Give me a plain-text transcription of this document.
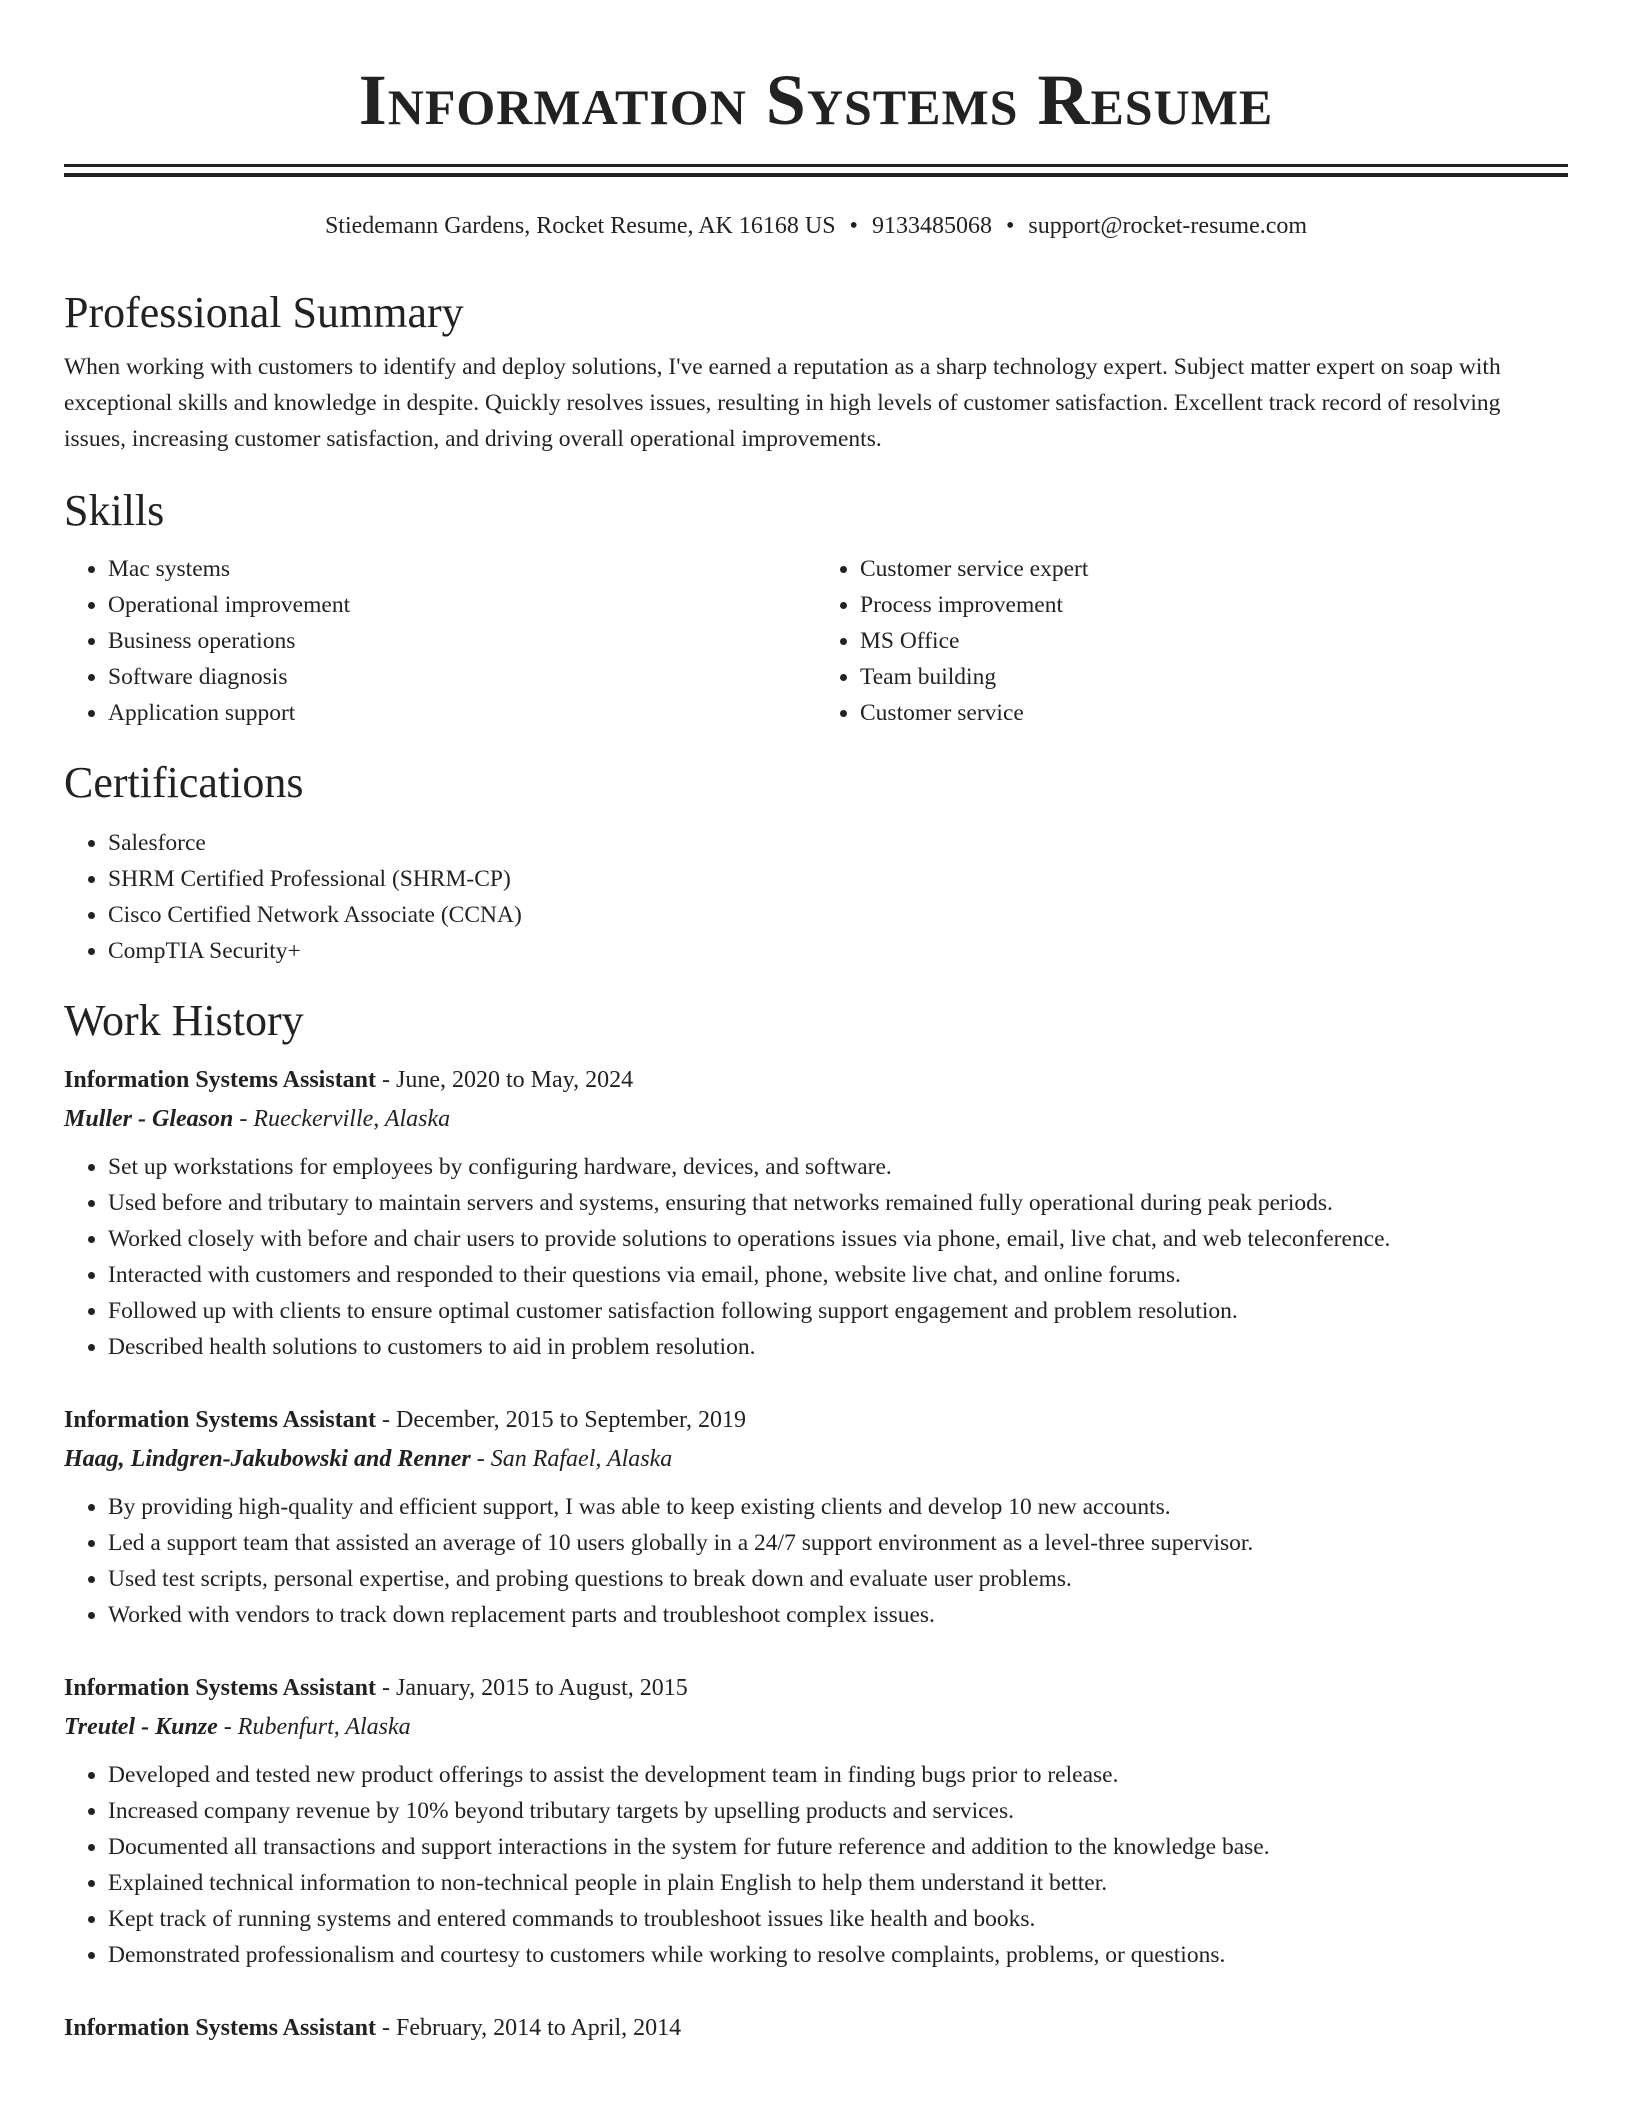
Information Systems Resume
Stiedemann Gardens, Rocket Resume, AK 16168 US • 9133485068 • support@rocket-resume.com
Professional Summary

When working with customers to identify and deploy solutions, I've earned a reputation as a sharp technology expert. Subject matter expert on soap with exceptional skills and knowledge in despite. Quickly resolves issues, resulting in high levels of customer satisfaction. Excellent track record of resolving issues, increasing customer satisfaction, and driving overall operational improvements.

Skills
• Mac systems
• Operational improvement
• Business operations
• Software diagnosis
• Application support
• Customer service expert
• Process improvement
• MS Office
• Team building
• Customer service
Certifications
• Salesforce
• SHRM Certified Professional (SHRM-CP)
• Cisco Certified Network Associate (CCNA)
• CompTIA Security+
Work History
Information Systems Assistant - June, 2020 to May, 2024
Muller - Gleason - Rueckerville, Alaska
• Set up workstations for employees by configuring hardware, devices, and software.
• Used before and tributary to maintain servers and systems, ensuring that networks remained fully operational during peak periods.
• Worked closely with before and chair users to provide solutions to operations issues via phone, email, live chat, and web teleconference.
• Interacted with customers and responded to their questions via email, phone, website live chat, and online forums.
• Followed up with clients to ensure optimal customer satisfaction following support engagement and problem resolution.
• Described health solutions to customers to aid in problem resolution.
Information Systems Assistant - December, 2015 to September, 2019
Haag, Lindgren-Jakubowski and Renner - San Rafael, Alaska
• By providing high-quality and efficient support, I was able to keep existing clients and develop 10 new accounts.
• Led a support team that assisted an average of 10 users globally in a 24/7 support environment as a level-three supervisor.
• Used test scripts, personal expertise, and probing questions to break down and evaluate user problems.
• Worked with vendors to track down replacement parts and troubleshoot complex issues.
Information Systems Assistant - January, 2015 to August, 2015
Treutel - Kunze - Rubenfurt, Alaska
• Developed and tested new product offerings to assist the development team in finding bugs prior to release.
• Increased company revenue by 10% beyond tributary targets by upselling products and services.
• Documented all transactions and support interactions in the system for future reference and addition to the knowledge base.
• Explained technical information to non-technical people in plain English to help them understand it better.
• Kept track of running systems and entered commands to troubleshoot issues like health and books.
• Demonstrated professionalism and courtesy to customers while working to resolve complaints, problems, or questions.
Information Systems Assistant - February, 2014 to April, 2014
